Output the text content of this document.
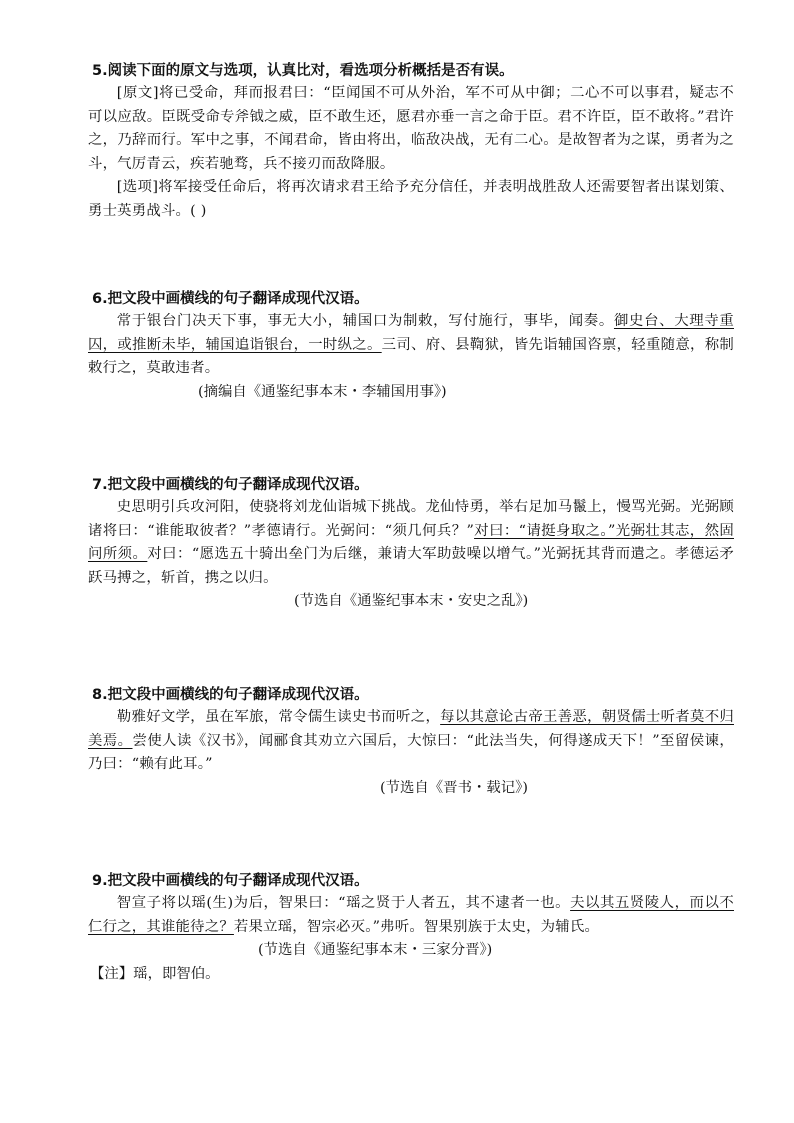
5.阅读下面的原文与选项，认真比对，看选项分析概括是否有误。

[原文]将已受命，拜而报君曰：“臣闻国不可从外治，军不可从中御；二心不可以事君，疑志不可以应敌。臣既受命专斧钺之威，臣不敢生还，愿君亦垂一言之命于臣。君不许臣，臣不敢将。”君许之，乃辞而行。军中之事，不闻君命，皆由将出，临敌决战，无有二心。是故智者为之谋，勇者为之斗，气厉青云，疾若驰骛，兵不接刃而敌降服。

[选项]将军接受任命后，将再次请求君王给予充分信任，并表明战胜敌人还需要智者出谋划策、勇士英勇战斗。( )

6.把文段中画横线的句子翻译成现代汉语。

常于银台门决天下事，事无大小，辅国口为制敕，写付施行，事毕，闻奏。御史台、大理寺重囚，或推断未毕，辅国追诣银台，一时纵之。三司、府、县鞫狱，皆先诣辅国咨禀，轻重随意，称制敕行之，莫敢违者。

(摘编自《通鉴纪事本末・李辅国用事》)

7.把文段中画横线的句子翻译成现代汉语。

史思明引兵攻河阳，使骁将刘龙仙诣城下挑战。龙仙恃勇，举右足加马鬣上，慢骂光弼。光弼顾诸将曰：“谁能取彼者？”孝德请行。光弼问：“须几何兵？”对曰：“请挺身取之。”光弼壮其志，然固问所须。对曰：“愿选五十骑出垒门为后继，兼请大军助鼓噪以增气。”光弼抚其背而遣之。孝德运矛跃马搏之，斩首，携之以归。

(节选自《通鉴纪事本末・安史之乱》)

8.把文段中画横线的句子翻译成现代汉语。

勒雅好文学，虽在军旅，常令儒生读史书而听之，每以其意论古帝王善恶，朝贤儒士听者莫不归美焉。尝使人读《汉书》，闻郦食其劝立六国后，大惊曰：“此法当失，何得遂成天下！”至留侯谏，乃曰：“赖有此耳。”

(节选自《晋书・载记》)

9.把文段中画横线的句子翻译成现代汉语。

智宣子将以瑶(生)为后，智果曰：“瑶之贤于人者五，其不逮者一也。夫以其五贤陵人，而以不仁行之，其谁能待之？若果立瑶，智宗必灭。”弗听。智果别族于太史，为辅氏。

(节选自《通鉴纪事本末・三家分晋》)

【注】瑶，即智伯。
